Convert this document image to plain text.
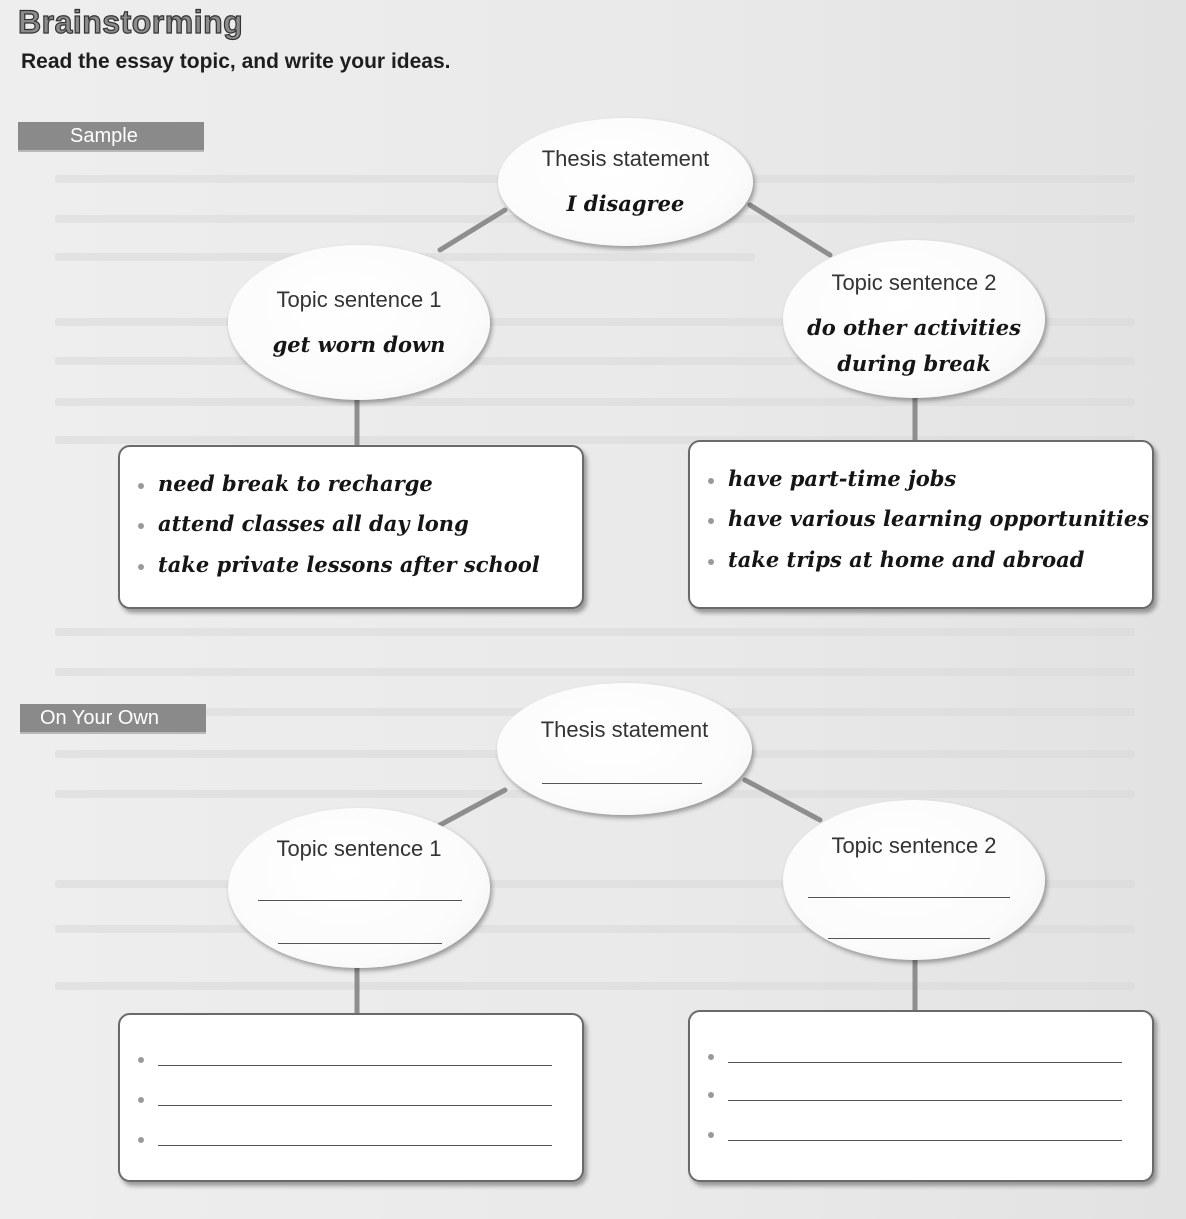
Brainstorming
Read the essay topic, and write your ideas.
Sample
Thesis statement
I disagree
Topic sentence 1
get worn down
Topic sentence 2
do other activities
during break
need break to recharge
attend classes all day long
take private lessons after school
have part-time jobs
have various learning opportunities
take trips at home and abroad
On Your Own	Thesis statement
Topic sentence 1	Topic sentence 2
